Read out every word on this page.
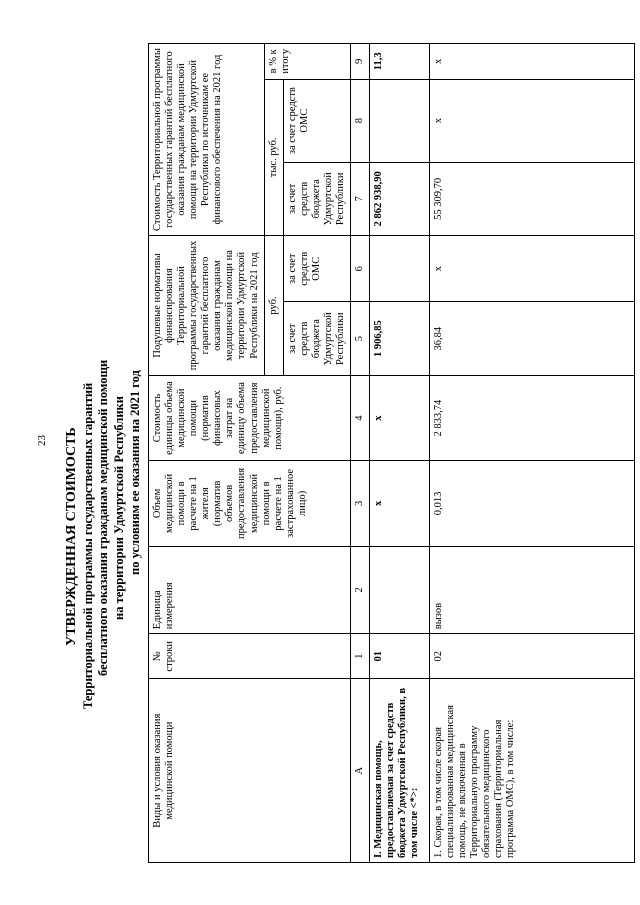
23 УТВЕРЖДЕННАЯ СТОИМОСТЬ Территориальной программы государственных гарантий бесплатного оказания гражданам медицинской помощи на территории Удмуртской Республики по условиям ее оказания на 2021 год
Виды и условия оказания медицинской помощи	№ строки	Единица измерения	Объем медицинской помощи в расчете на 1 жителя (норматив объемов предоставления медицинской помощи в расчете на 1 застрахованное лицо)	Стоимость единицы объема медицинской помощи (норматив финансовых затрат на единицу объема предоставления медицинской помощи), руб.	Подушевые нормативы финансирования Территориальной программы государственных гарантий бесплатного оказания гражданам медицинской помощи на территории Удмуртской Республики на 2021 год		Стоимость Территориальной программы государственных гарантий бесплатного оказания гражданам медицинской помощи на территории Удмуртской Республики по источникам ее финансового обеспечения на 2021 год		
					руб.		тыс. руб.		в % к итогу
					за счет средств бюджета Удмуртской Республики	за счет средств ОМС	за счет средств бюджета Удмуртской Республики	за счет средств ОМС	
А	1	2	3	4	5	6	7	8	9
I. Медицинская помощь, предоставляемая за счет средств бюджета Удмуртской Республики, в том числе <*>:	01		х	х	1 906,85		2 862 938,90		11,3
1. Скорая, в том числе скорая специализированная медицинская помощь, не включенная в Территориальную программу обязательного медицинского страхования (Территориальная программа ОМС), в том числе:	02	вызов	0,013	2 833,74	36,84	х	55 309,70	х	х
